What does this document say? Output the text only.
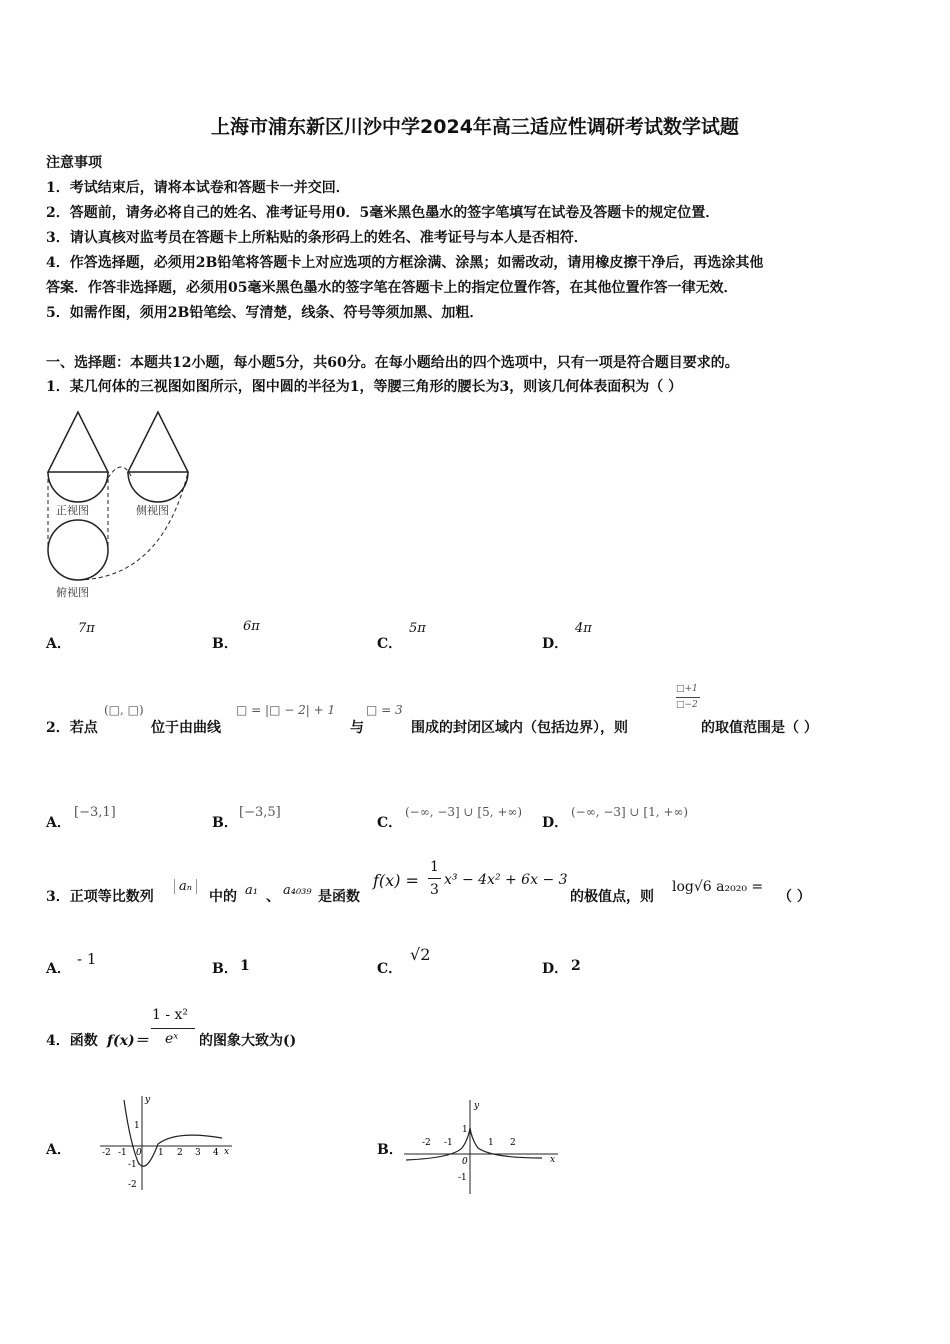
上海市浦东新区川沙中学2024年高三适应性调研考试数学试题
注意事项
1．考试结束后，请将本试卷和答题卡一并交回．
2．答题前，请务必将自己的姓名、准考证号用0．5毫米黑色墨水的签字笔填写在试卷及答题卡的规定位置．
3．请认真核对监考员在答题卡上所粘贴的条形码上的姓名、准考证号与本人是否相符．
4．作答选择题，必须用2B铅笔将答题卡上对应选项的方框涂满、涂黑；如需改动，请用橡皮擦干净后，再选涂其他
答案．作答非选择题，必须用05毫米黑色墨水的签字笔在答题卡上的指定位置作答，在其他位置作答一律无效．
5．如需作图，须用2B铅笔绘、写清楚，线条、符号等须加黑、加粗．
一、选择题：本题共12小题，每小题5分，共60分。在每小题给出的四个选项中，只有一项是符合题目要求的。
1．某几何体的三视图如图所示，图中圆的半径为1，等腰三角形的腰长为3，则该几何体表面积为（ ）
正视图	侧视图
俯视图
A．
7π
B．
6π
C．
5π
D．
4π
2．若点
(□, □)
位于由曲线
□ = |□ − 2| + 1
与
□ = 3
围成的封闭区域内（包括边界），则
□+1
□−2
的取值范围是（ ）
A．
[−3,1]
B．
[−3,5]
C．
(−∞, −3] ∪ [5, +∞)
D．
(−∞, −3] ∪ [1, +∞)
3．正项等比数列
aₙ
中的 a₁ 、 a₄₀₃₉ 是函数
f(x) =
1
3
x³ − 4x² + 6x − 3
的极值点，则
log√6 a₂₀₂₀ =
（ ）
A．
- 1
B． 1	C．
√2
D． 2
4．函数 f(x)＝
1 - x²
eˣ 的图象大致为()
A．
y
x
-2 -1 0 1 2 3 4
1
-1
-2
B．
y
x
-2 -1
0
1 2
1
-1
